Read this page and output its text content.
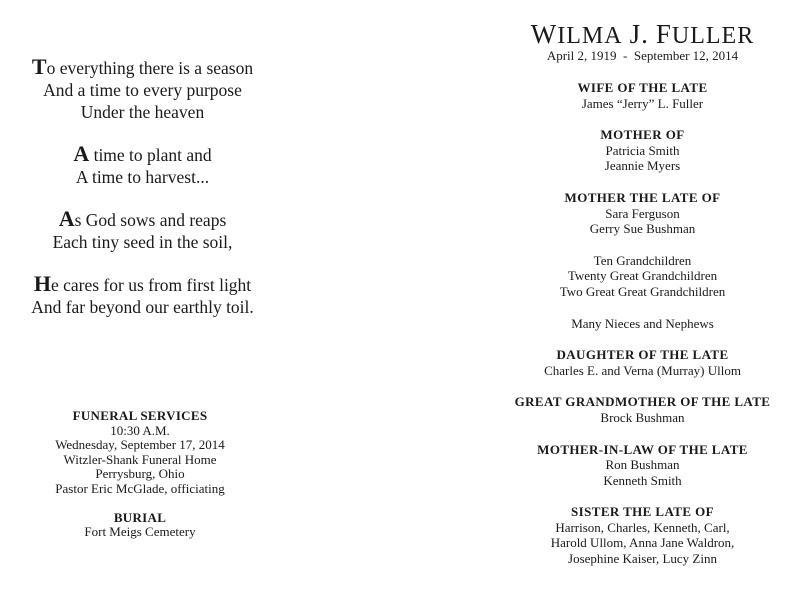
To everything there is a season
And a time to every purpose
Under the heaven
A time to plant and
A time to harvest...
As God sows and reaps
Each tiny seed in the soil,
He cares for us from first light
And far beyond our earthly toil.
FUNERAL SERVICES
10:30 A.M.
Wednesday, September 17, 2014
Witzler-Shank Funeral Home
Perrysburg, Ohio
Pastor Eric McGlade, officiating
BURIAL
Fort Meigs Cemetery
WILMA J. FULLER
April 2, 1919  -  September 12, 2014
WIFE OF THE LATE
James “Jerry” L. Fuller
MOTHER OF
Patricia Smith
Jeannie Myers
MOTHER THE LATE OF
Sara Ferguson
Gerry Sue Bushman
Ten Grandchildren
Twenty Great Grandchildren
Two Great Great Grandchildren
Many Nieces and Nephews
DAUGHTER OF THE LATE
Charles E. and Verna (Murray) Ullom
GREAT GRANDMOTHER OF THE LATE
Brock Bushman
MOTHER-IN-LAW OF THE LATE
Ron Bushman
Kenneth Smith
SISTER THE LATE OF
Harrison, Charles, Kenneth, Carl,
Harold Ullom, Anna Jane Waldron,
Josephine Kaiser, Lucy Zinn
